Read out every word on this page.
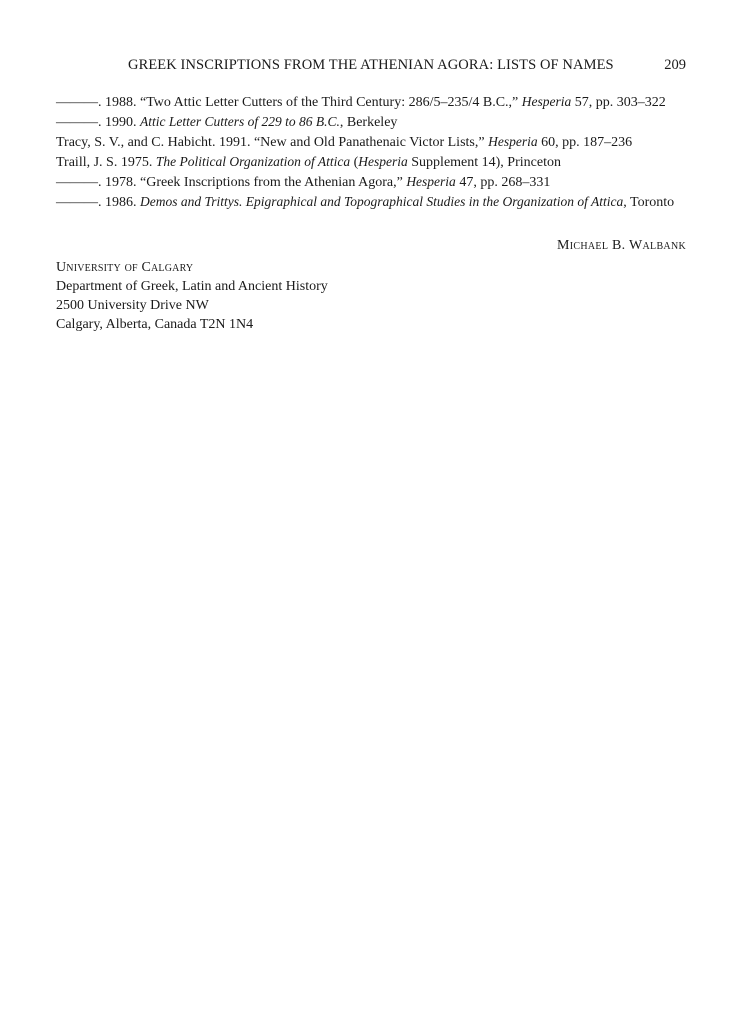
GREEK INSCRIPTIONS FROM THE ATHENIAN AGORA: LISTS OF NAMES	209
———. 1988. “Two Attic Letter Cutters of the Third Century: 286/5–235/4 B.C.,” Hesperia 57, pp. 303–322
———. 1990. Attic Letter Cutters of 229 to 86 B.C., Berkeley
Tracy, S. V., and C. Habicht. 1991. “New and Old Panathenaic Victor Lists,” Hesperia 60, pp. 187–236
Traill, J. S. 1975. The Political Organization of Attica (Hesperia Supplement 14), Princeton
———. 1978. “Greek Inscriptions from the Athenian Agora,” Hesperia 47, pp. 268–331
———. 1986. Demos and Trittys. Epigraphical and Topographical Studies in the Organization of Attica, Toronto
Michael B. Walbank
University of Calgary
Department of Greek, Latin and Ancient History
2500 University Drive NW
Calgary, Alberta, Canada T2N 1N4
